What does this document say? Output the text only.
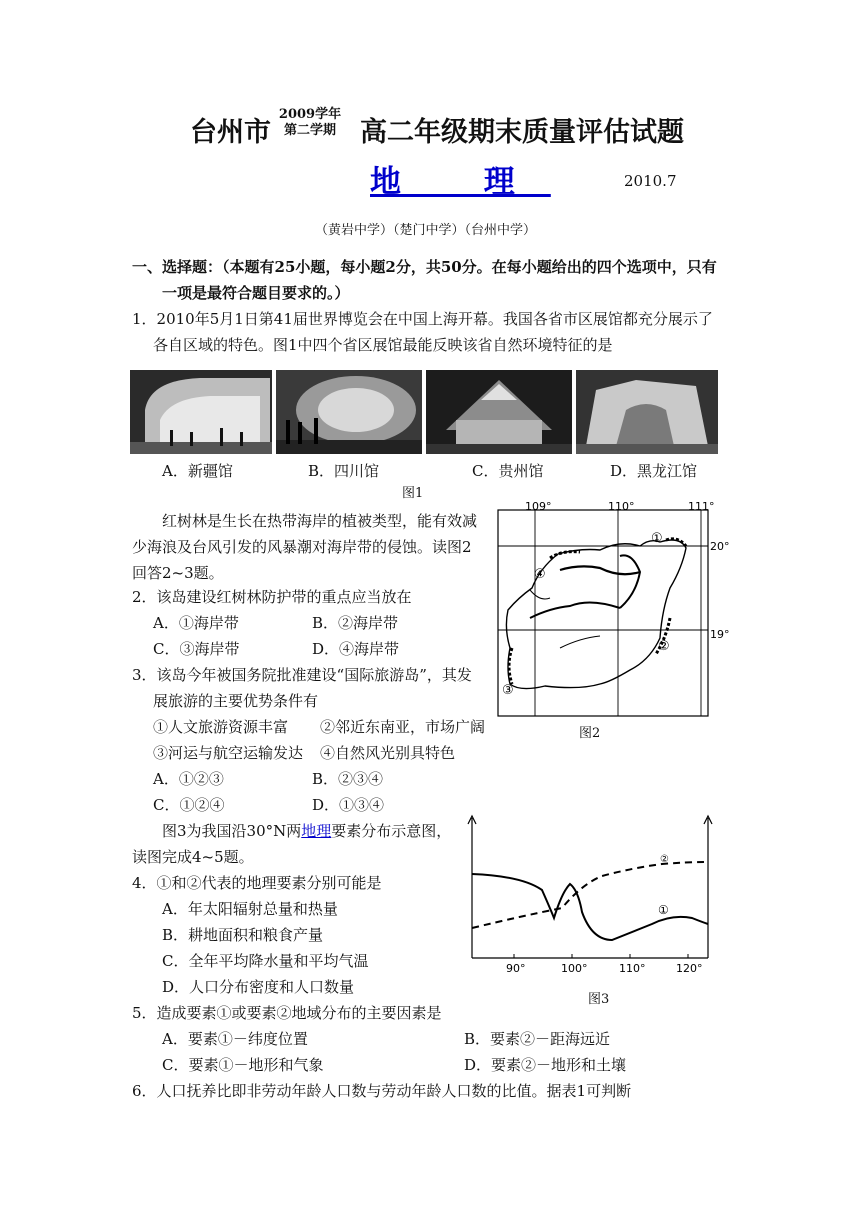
台州市
2009学年
第二学期 高二年级期末质量评估试题
地 理	2010.7
（黄岩中学）（楚门中学）（台州中学）
一、选择题：（本题有25小题，每小题2分，共50分。在每小题给出的四个选项中，只有
一项是最符合题目要求的。）
1．2010年5月1日第41届世界博览会在中国上海开幕。我国各省市区展馆都充分展示了
各自区域的特色。图1中四个省区展馆最能反映该省自然环境特征的是
A．新疆馆	B．四川馆	C．贵州馆	D．黑龙江馆
图1
红树林是生长在热带海岸的植被类型，能有效减
少海浪及台风引发的风暴潮对海岸带的侵蚀。读图2
回答2~3题。
2．该岛建设红树林防护带的重点应当放在
A．①海岸带	B．②海岸带
C．③海岸带	D．④海岸带
3．该岛今年被国务院批准建设“国际旅游岛”，其发
展旅游的主要优势条件有
①人文旅游资源丰富 ②邻近东南亚，市场广阔
③河运与航空运输发达 ④自然风光别具特色
A．①②③	B．②③④
C．①②④	D．①③④
109°	110°	111°
20°
19°
①
②
③
④
图2
图3为我国沿30°N两地理要素分布示意图，
读图完成4~5题。
4．①和②代表的地理要素分别可能是
A．年太阳辐射总量和热量
B．耕地面积和粮食产量
C．全年平均降水量和平均气温
D．人口分布密度和人口数量
90°	100°	110°	120°
①
②
图3
5．造成要素①或要素②地域分布的主要因素是
A．要素①－纬度位置	B．要素②－距海远近
C．要素①－地形和气象	D．要素②－地形和土壤
6．人口抚养比即非劳动年龄人口数与劳动年龄人口数的比值。据表1可判断
